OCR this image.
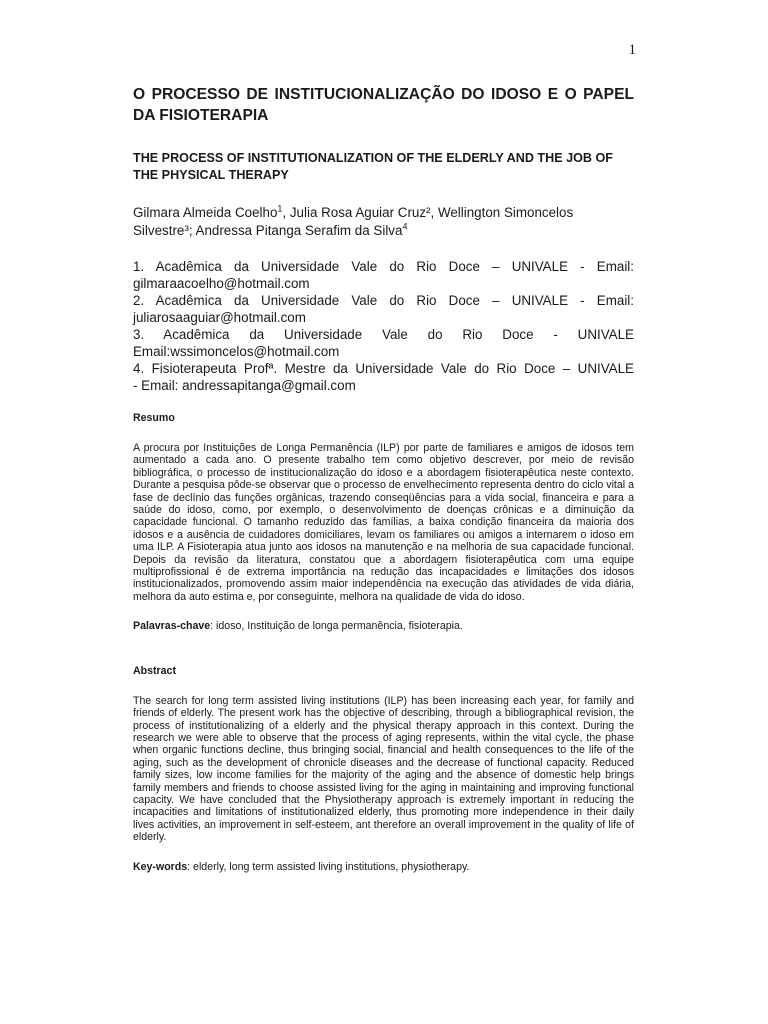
1
O PROCESSO DE INSTITUCIONALIZAÇÃO DO IDOSO E O PAPEL DA FISIOTERAPIA
THE PROCESS OF INSTITUTIONALIZATION OF THE ELDERLY AND THE JOB OF THE PHYSICAL THERAPY

Gilmara Almeida Coelho$^1$, Julia Rosa Aguiar Cruz², Wellington Simoncelos Silvestre³; Andressa Pitanga Serafim da Silva$^4$

1. Acadêmica da Universidade Vale do Rio Doce – UNIVALE - Email:
gilmaraacoelho@hotmail.com
2. Acadêmica da Universidade Vale do Rio Doce – UNIVALE - Email:
juliarosaaguiar@hotmail.com
3. Acadêmica da Universidade Vale do Rio Doce - UNIVALE
Email:wssimoncelos@hotmail.com
4. Fisioterapeuta Profª. Mestre da Universidade Vale do Rio Doce – UNIVALE
- Email: andressapitanga@gmail.com
Resumo

A procura por Instituições de Longa Permanência (ILP) por parte de familiares e amigos de idosos tem aumentado a cada ano. O presente trabalho tem como objetivo descrever, por meio de revisão bibliográfica, o processo de institucionalização do idoso e a abordagem fisioterapêutica neste contexto. Durante a pesquisa pôde-se observar que o processo de envelhecimento representa dentro do ciclo vital a fase de declínio das funções orgânicas, trazendo conseqüências para a vida social, financeira e para a saúde do idoso, como, por exemplo, o desenvolvimento de doenças crônicas e a diminuição da capacidade funcional. O tamanho reduzido das famílias, a baixa condição financeira da maioria dos idosos e a ausência de cuidadores domiciliares, levam os familiares ou amigos a internarem o idoso em uma ILP. A Fisioterapia atua junto aos idosos na manutenção e na melhoria de sua capacidade funcional. Depois da revisão da literatura, constatou que a abordagem fisioterapêutica com uma equipe multiprofissional é de extrema importância na redução das incapacidades e limitações dos idosos institucionalizados, promovendo assim maior independência na execução das atividades de vida diária, melhora da auto estima e, por conseguinte, melhora na qualidade de vida do idoso.

Palavras-chave: idoso, Instituição de longa permanência, fisioterapia.

Abstract

The search for long term assisted living institutions (ILP) has been increasing each year, for family and friends of elderly. The present work has the objective of describing, through a bibliographical revision, the process of institutionalizing of a elderly and the physical therapy approach in this context. During the research we were able to observe that the process of aging represents, within the vital cycle, the phase when organic functions decline, thus bringing social, financial and health consequences to the life of the aging, such as the development of chronicle diseases and the decrease of functional capacity. Reduced family sizes, low income families for the majority of the aging and the absence of domestic help brings family members and friends to choose assisted living for the aging in maintaining and improving functional capacity. We have concluded that the Physiotherapy approach is extremely important in reducing the incapacities and limitations of institutionalized elderly, thus promoting more independence in their daily lives activities, an improvement in self-esteem, ant therefore an overall improvement in the quality of life of elderly.

Key-words: elderly, long term assisted living institutions, physiotherapy.
